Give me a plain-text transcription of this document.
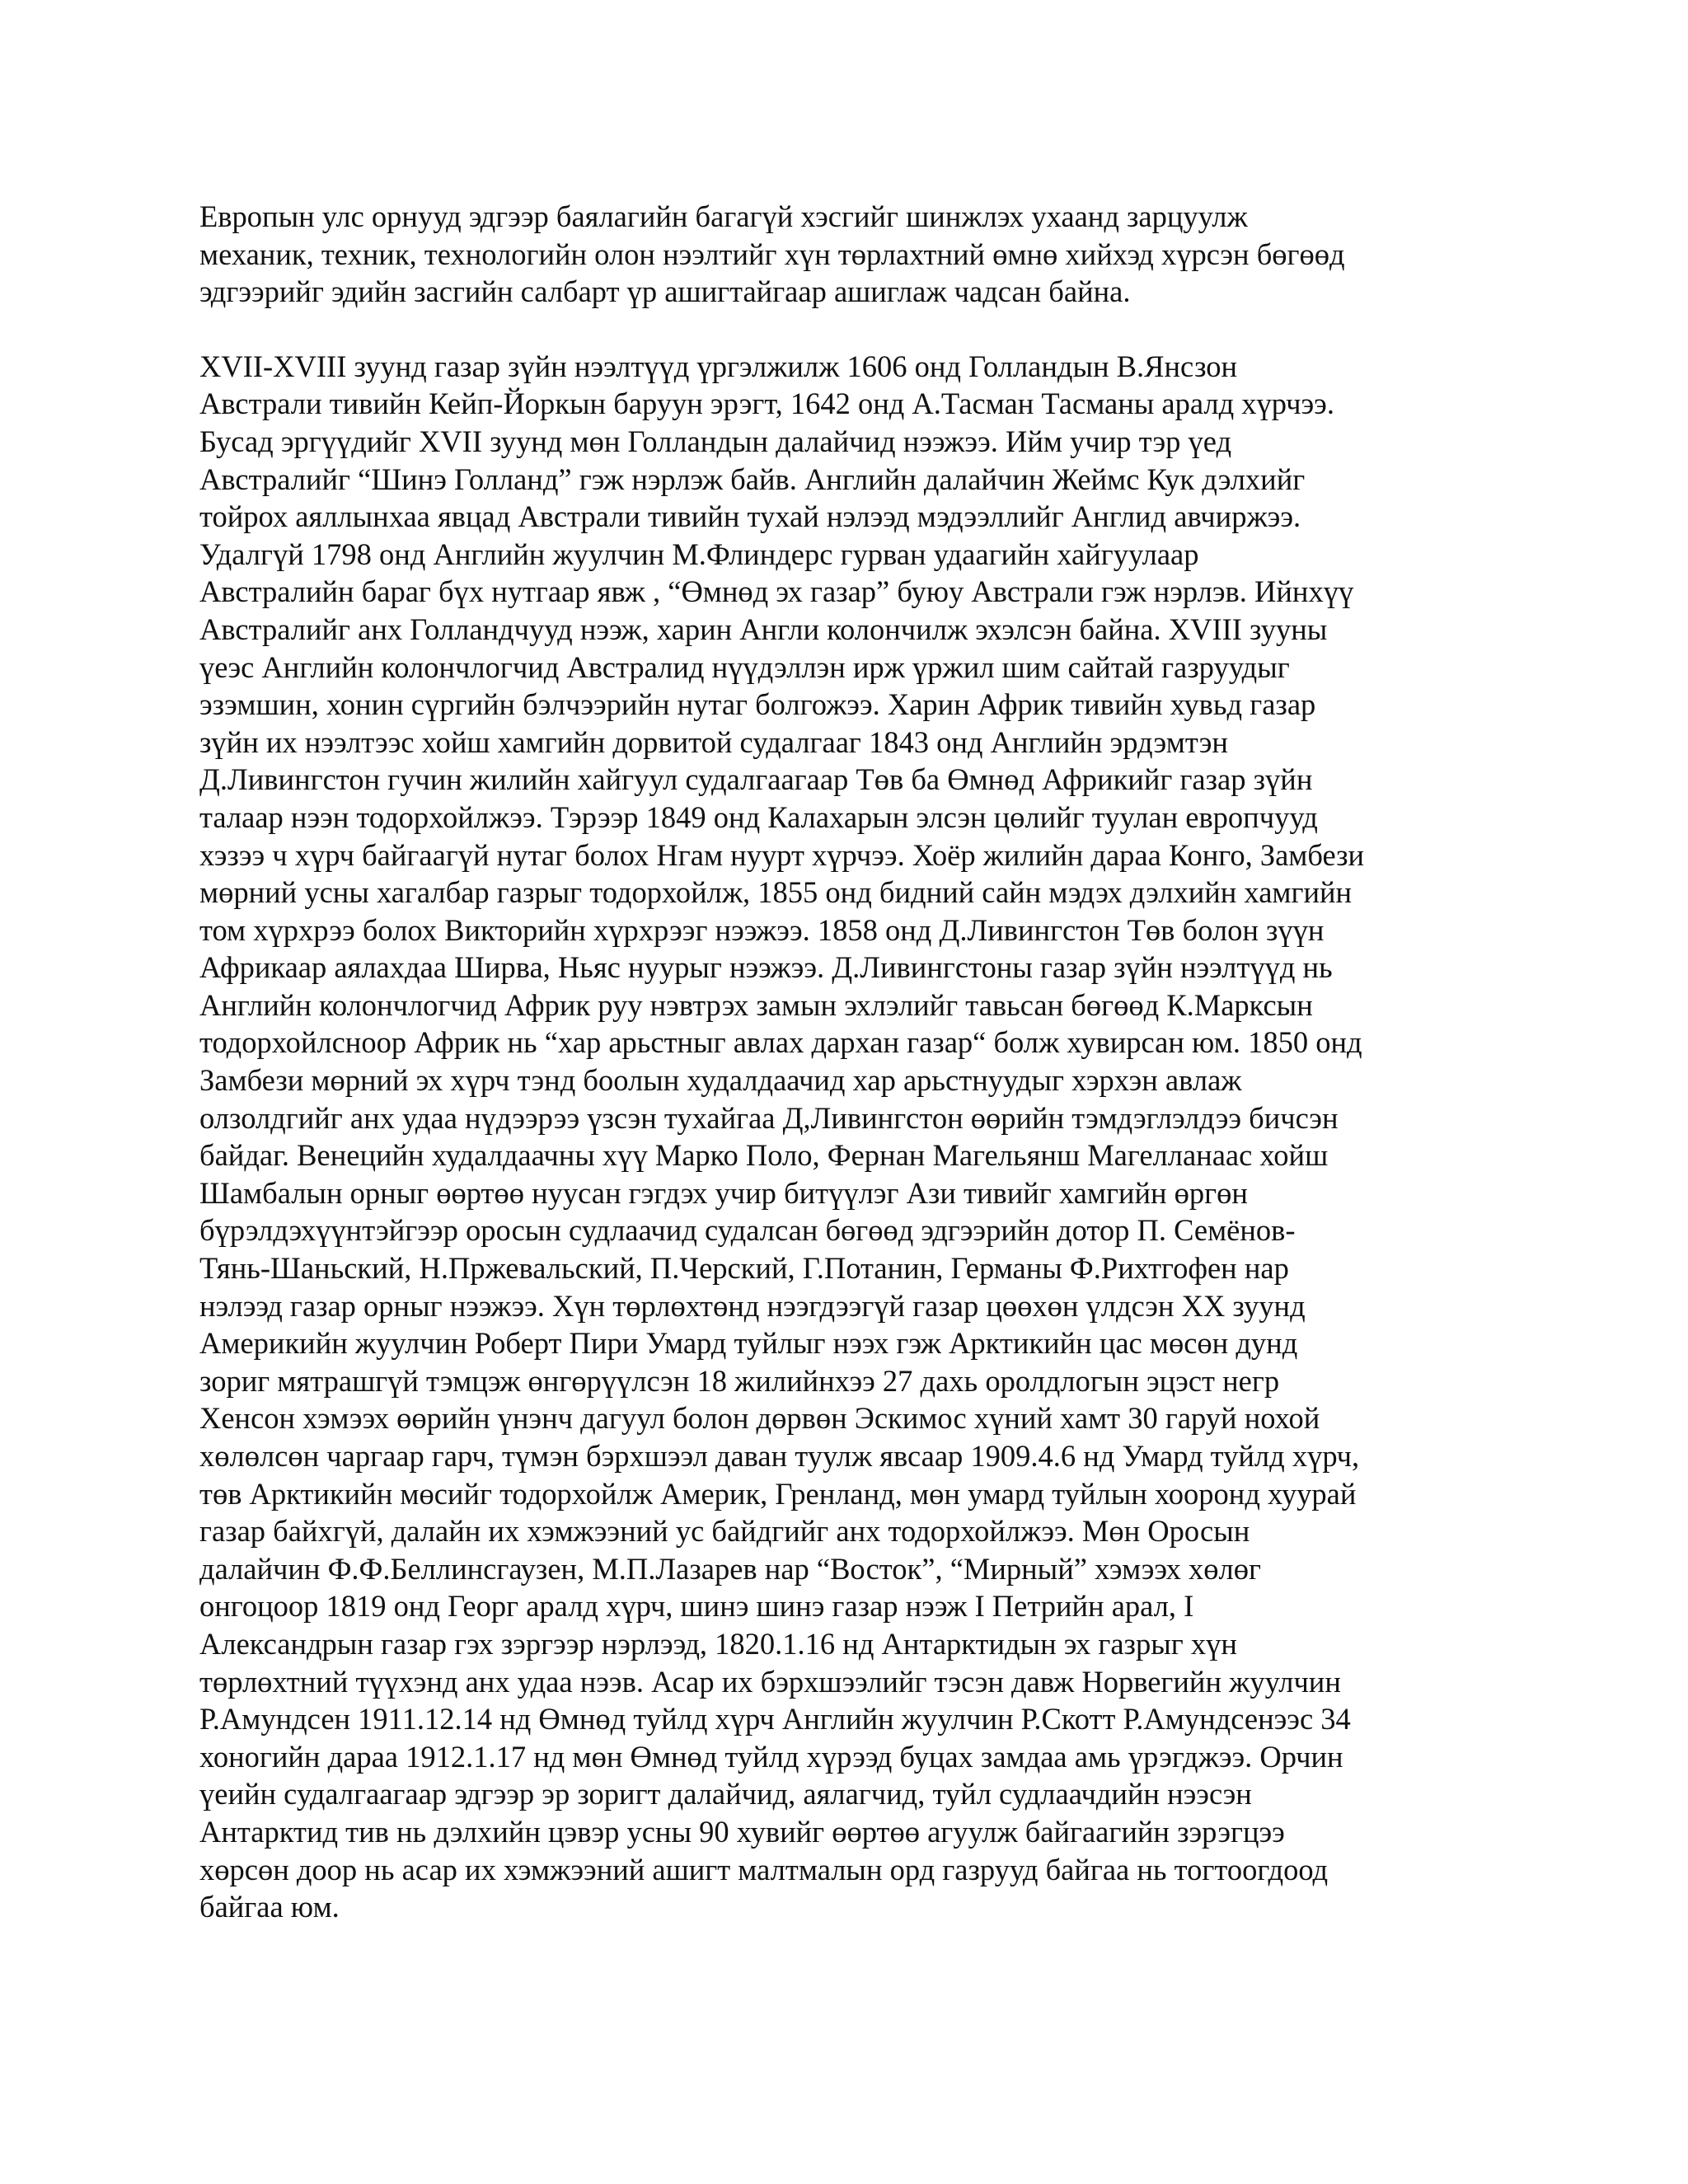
Европын улс орнууд эдгээр баялагийн багагүй хэсгийг шинжлэх ухаанд зарцуулж
механик, техник, технологийн олон нээлтийг хүн төрлахтний өмнө хийхэд хүрсэн бөгөөд
эдгээрийг эдийн засгийн салбарт үр ашигтайгаар ашиглаж чадсан байна.

XVII-XVIII зуунд газар зүйн нээлтүүд үргэлжилж 1606 онд Голландын В.Янсзон
Австрали тивийн Кейп-Йоркын баруун эрэгт, 1642 онд А.Тасман Тасманы аралд хүрчээ.
Бусад эргүүдийг XVII зуунд мөн Голландын далайчид нээжээ. Ийм учир тэр үед
Австралийг “Шинэ Голланд” гэж нэрлэж байв. Английн далайчин Жеймс Кук дэлхийг
тойрох аяллынхаа явцад Австрали тивийн тухай нэлээд мэдээллийг Англид авчиржээ.
Удалгүй 1798 онд Английн жуулчин М.Флиндерс гурван удаагийн хайгуулаар
Австралийн бараг бүх нутгаар явж , “Өмнөд эх газар” буюу Австрали гэж нэрлэв. Ийнхүү
Австралийг анх Голландчууд нээж, харин Англи колончилж эхэлсэн байна. XVIII зууны
үеэс Английн колончлогчид Австралид нүүдэллэн ирж үржил шим сайтай газруудыг
эзэмшин, хонин сүргийн бэлчээрийн нутаг болгожээ. Харин Африк тивийн хувьд газар
зүйн их нээлтээс хойш хамгийн дорвитой судалгааг 1843 онд Английн эрдэмтэн
Д.Ливингстон гучин жилийн хайгуул судалгаагаар Төв ба Өмнөд Африкийг газар зүйн
талаар нээн тодорхойлжээ. Тэрээр 1849 онд Калахарын элсэн цөлийг туулан европчууд
хэзээ ч хүрч байгаагүй нутаг болох Нгам нуурт хүрчээ. Хоёр жилийн дараа Конго, Замбези
мөрний усны хагалбар газрыг тодорхойлж, 1855 онд бидний сайн мэдэх дэлхийн хамгийн
том хүрхрээ болох Викторийн хүрхрээг нээжээ. 1858 онд Д.Ливингстон Төв болон зүүн
Африкаар аялахдаа Ширва, Ньяс нуурыг нээжээ. Д.Ливингстоны газар зүйн нээлтүүд нь
Английн колончлогчид Африк руу нэвтрэх замын эхлэлийг тавьсан бөгөөд К.Марксын
тодорхойлсноор Африк нь “хар арьстныг авлах дархан газар“ болж хувирсан юм. 1850 онд
Замбези мөрний эх хүрч тэнд боолын худалдаачид хар арьстнуудыг хэрхэн авлаж
олзолдгийг анх удаа нүдээрээ үзсэн тухайгаа Д,Ливингстон өөрийн тэмдэглэлдээ бичсэн
байдаг. Венецийн худалдаачны хүү Марко Поло, Фернан Магельянш Магелланаас хойш
Шамбалын орныг өөртөө нуусан гэгдэх учир битүүлэг Ази тивийг хамгийн өргөн
бүрэлдэхүүнтэйгээр оросын судлаачид судалсан бөгөөд эдгээрийн дотор П. Семёнов-
Тянь-Шаньский, Н.Пржевальский, П.Черский, Г.Потанин, Германы Ф.Рихтгофен нар
нэлээд газар орныг нээжээ. Хүн төрлөхтөнд нээгдээгүй газар цөөхөн үлдсэн XX зуунд
Америкийн жуулчин Роберт Пири Умард туйлыг нээх гэж Арктикийн цас мөсөн дунд
зориг мятрашгүй тэмцэж өнгөрүүлсэн 18 жилийнхээ 27 дахь оролдлогын эцэст негр
Хенсон хэмээх өөрийн үнэнч дагуул болон дөрвөн Эскимос хүний хамт 30 гаруй нохой
хөлөлсөн чаргаар гарч, түмэн бэрхшээл даван туулж явсаар 1909.4.6 нд Умард туйлд хүрч,
төв Арктикийн мөсийг тодорхойлж Америк, Гренланд, мөн умард туйлын хооронд хуурай
газар байхгүй, далайн их хэмжээний ус байдгийг анх тодорхойлжээ. Мөн Оросын
далайчин Ф.Ф.Беллинсгаузен, М.П.Лазарев нар “Восток”, “Мирный” хэмээх хөлөг
онгоцоор 1819 онд Георг аралд хүрч, шинэ шинэ газар нээж I Петрийн арал, I
Александрын газар гэх зэргээр нэрлээд, 1820.1.16 нд Антарктидын эх газрыг хүн
төрлөхтний түүхэнд анх удаа нээв. Асар их бэрхшээлийг тэсэн давж Норвегийн жуулчин
Р.Амундсен 1911.12.14 нд Өмнөд туйлд хүрч Английн жуулчин Р.Скотт Р.Амундсенээс 34
хоногийн дараа 1912.1.17 нд мөн Өмнөд туйлд хүрээд буцах замдаа амь үрэгджээ. Орчин
үеийн судалгаагаар эдгээр эр зоригт далайчид, аялагчид, туйл судлаачдийн нээсэн
Антарктид тив нь дэлхийн цэвэр усны 90 хувийг өөртөө агуулж байгаагийн зэрэгцээ
хөрсөн доор нь асар их хэмжээний ашигт малтмалын орд газрууд байгаа нь тогтоогдоод
байгаа юм.
